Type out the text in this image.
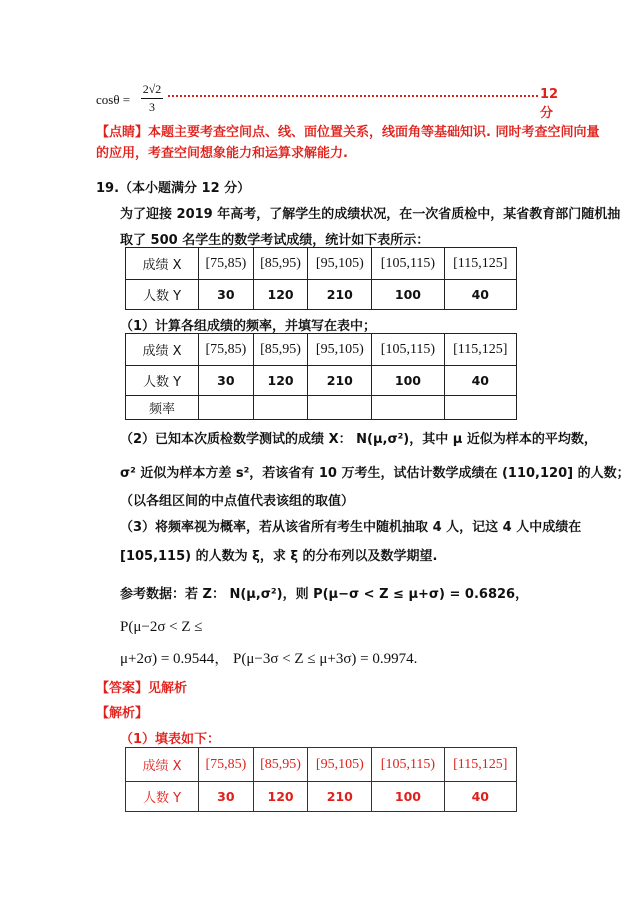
$\cos\theta = \frac{2√2}{3}$	12 分

【点睛】本题主要考查空间点、线、面位置关系，线面角等基础知识. 同时考查空间向量

的应用，考查空间想象能力和运算求解能力.

19.（本小题满分 12 分）

为了迎接 2019 年高考，了解学生的成绩状况，在一次省质检中，某省教育部门随机抽

取了 500 名学生的数学考试成绩，统计如下表所示：

成绩 X	[75,85)	[85,95)	[95,105)	[105,115)	[115,125]
人数 Y	30	120	210	100	40

（1）计算各组成绩的频率，并填写在表中；

成绩 X	[75,85)	[85,95)	[95,105)	[105,115)	[115,125]
人数 Y	30	120	210	100	40
频率					

（2）已知本次质检数学测试的成绩 X： N(μ,σ²)，其中 μ 近似为样本的平均数，

σ² 近似为样本方差 s²，若该省有 10 万考生，试估计数学成绩在 (110,120] 的人数；

（以各组区间的中点值代表该组的取值）

（3）将频率视为概率，若从该省所有考生中随机抽取 4 人，记这 4 人中成绩在

[105,115) 的人数为 ξ，求 ξ 的分布列以及数学期望.

参考数据：若 Z： N(μ,σ²)，则 P(μ−σ < Z ≤ μ+σ) = 0.6826，

P(μ−2σ < Z ≤

μ+2σ) = 0.9544， P(μ−3σ < Z ≤ μ+3σ) = 0.9974.

【答案】见解析

【解析】

（1）填表如下：

成绩 X	[75,85)	[85,95)	[95,105)	[105,115)	[115,125]
人数 Y	30	120	210	100	40
